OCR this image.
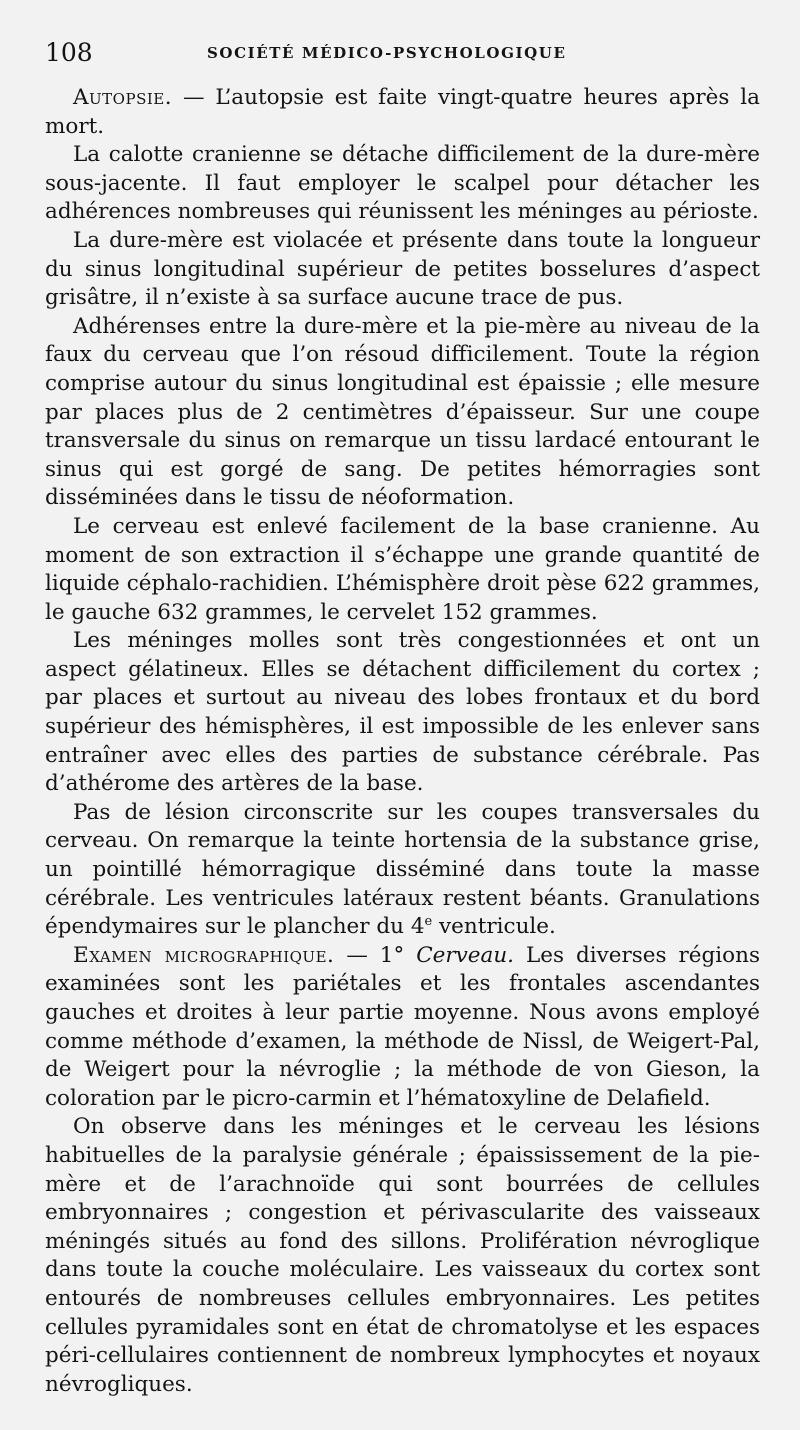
108	SOCIÉTÉ MÉDICO-PSYCHOLOGIQUE

Autopsie. — L’autopsie est faite vingt-quatre heures après la mort.

La calotte cranienne se détache difficilement de la dure-mère sous-jacente. Il faut employer le scalpel pour détacher les adhérences nombreuses qui réunissent les méninges au périoste.

La dure-mère est violacée et présente dans toute la longueur du sinus longitudinal supérieur de petites bosselures d’aspect grisâtre, il n’existe à sa surface aucune trace de pus.

Adhérenses entre la dure-mère et la pie-mère au niveau de la faux du cerveau que l’on résoud difficilement. Toute la région comprise autour du sinus longitudinal est épaissie ; elle mesure par places plus de 2 centimètres d’épaisseur. Sur une coupe transversale du sinus on remarque un tissu lardacé entourant le sinus qui est gorgé de sang. De petites hémorragies sont disséminées dans le tissu de néoformation.

Le cerveau est enlevé facilement de la base cranienne. Au moment de son extraction il s’échappe une grande quantité de liquide céphalo-rachidien. L’hémisphère droit pèse 622 grammes, le gauche 632 grammes, le cervelet 152 grammes.

Les méninges molles sont très congestionnées et ont un aspect gélatineux. Elles se détachent difficilement du cortex ; par places et surtout au niveau des lobes frontaux et du bord supérieur des hémisphères, il est impossible de les enlever sans entraîner avec elles des parties de substance cérébrale. Pas d’athérome des artères de la base.

Pas de lésion circonscrite sur les coupes transversales du cerveau. On remarque la teinte hortensia de la substance grise, un pointillé hémorragique disséminé dans toute la masse cérébrale. Les ventricules latéraux restent béants. Granulations épendymaires sur le plancher du 4e ventricule.

Examen micrographique. — 1° Cerveau. Les diverses régions examinées sont les pariétales et les frontales ascendantes gauches et droites à leur partie moyenne. Nous avons employé comme méthode d’examen, la méthode de Nissl, de Weigert-Pal, de Weigert pour la névroglie ; la méthode de von Gieson, la coloration par le picro-carmin et l’hématoxyline de Delafield.

On observe dans les méninges et le cerveau les lésions habituelles de la paralysie générale ; épaississement de la pie-mère et de l’arachnoïde qui sont bourrées de cellules embryonnaires ; congestion et périvascularite des vaisseaux méningés situés au fond des sillons. Prolifération névroglique dans toute la couche moléculaire. Les vaisseaux du cortex sont entourés de nombreuses cellules embryonnaires. Les petites cellules pyramidales sont en état de chromatolyse et les espaces péri-cellulaires contiennent de nombreux lymphocytes et noyaux névrogliques.
